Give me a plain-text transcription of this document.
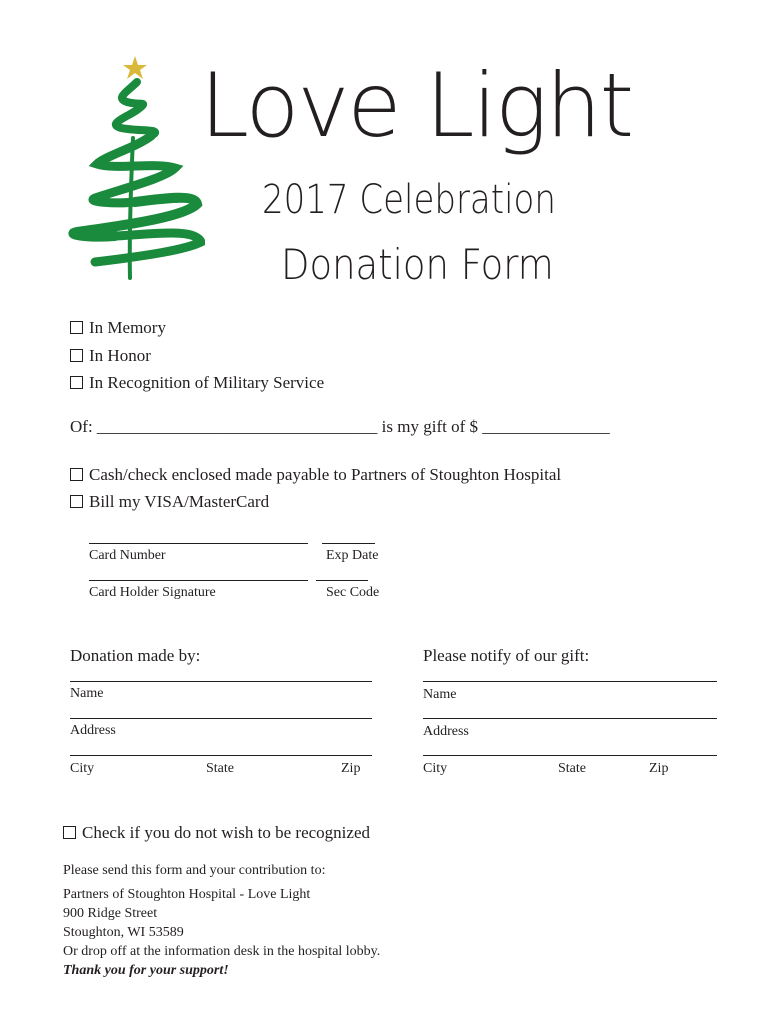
Love Light
2017 Celebration
Donation Form
In Memory
In Honor
In Recognition of Military Service
Of: _________________________________ is my gift of $ _______________
Cash/check enclosed made payable to Partners of Stoughton Hospital
Bill my VISA/MasterCard
Card Number	Exp Date
Card Holder Signature	Sec Code
Donation made by:
Name
Address
City	State	Zip
Please notify of our gift:
Name
Address
City	State	Zip
Check if you do not wish to be recognized
Please send this form and your contribution to:
Partners of Stoughton Hospital - Love Light
900 Ridge Street
Stoughton, WI 53589
Or drop off at the information desk in the hospital lobby.
Thank you for your support!
